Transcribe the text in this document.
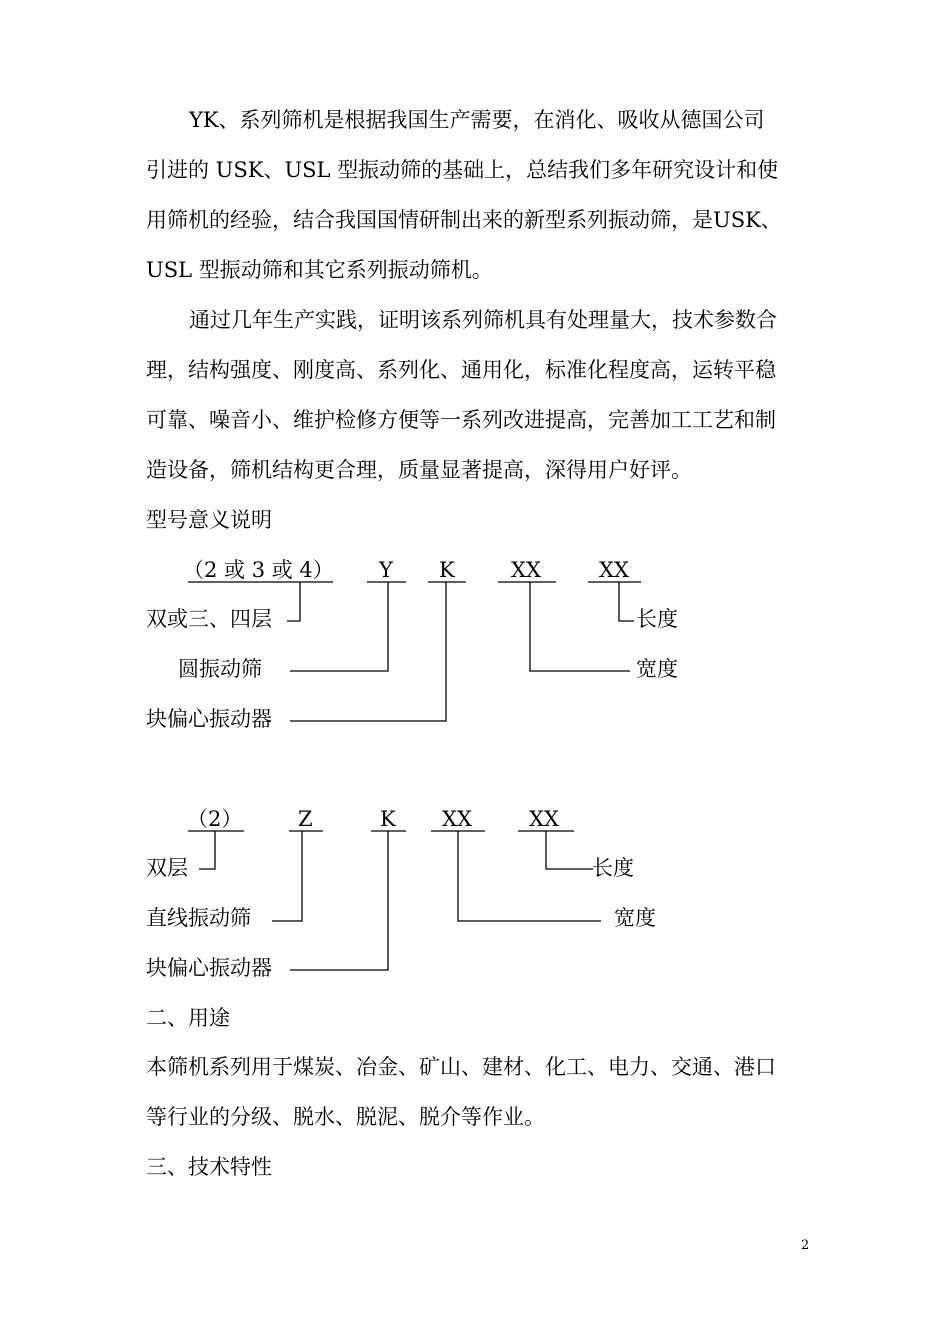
YK、系列筛机是根据我国生产需要，在消化、吸收从德国公司
引进的 USK、USL 型振动筛的基础上，总结我们多年研究设计和使
用筛机的经验，结合我国国情研制出来的新型系列振动筛，是USK、
USL 型振动筛和其它系列振动筛机。
通过几年生产实践，证明该系列筛机具有处理量大，技术参数合
理，结构强度、刚度高、系列化、通用化，标准化程度高，运转平稳
可靠、噪音小、维护检修方便等一系列改进提高，完善加工工艺和制
造设备，筛机结构更合理，质量显著提高，深得用户好评。
型号意义说明
（2 或 3 或 4） Y K	XX	XX
双或三、四层
圆振动筛
块偏心振动器
长度
宽度
（2）	Z	K XX	XX
双层
直线振动筛
块偏心振动器
长度
宽度
二、用途
本筛机系列用于煤炭、冶金、矿山、建材、化工、电力、交通、港口
等行业的分级、脱水、脱泥、脱介等作业。
三、技术特性
2
